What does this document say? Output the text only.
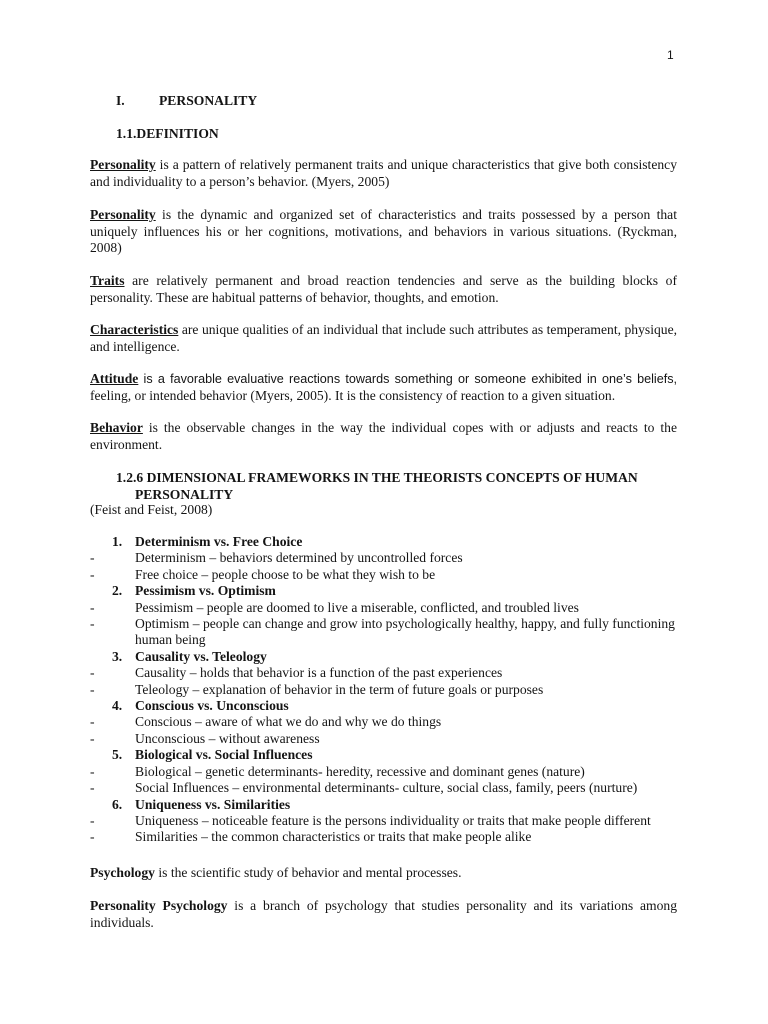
1
I.	PERSONALITY
1.1.DEFINITION
Personality is a pattern of relatively permanent traits and unique characteristics that give both consistency and individuality to a person’s behavior. (Myers, 2005)
Personality is the dynamic and organized set of characteristics and traits possessed by a person that uniquely influences his or her cognitions, motivations, and behaviors in various situations. (Ryckman, 2008)
Traits are relatively permanent and broad reaction tendencies and serve as the building blocks of personality. These are habitual patterns of behavior, thoughts, and emotion.
Characteristics are unique qualities of an individual that include such attributes as temperament, physique, and intelligence.
Attitude is a favorable evaluative reactions towards something or someone exhibited in one’s beliefs, feeling, or intended behavior (Myers, 2005). It is the consistency of reaction to a given situation.
Behavior is the observable changes in the way the individual copes with or adjusts and reacts to the environment.
1.2.6 DIMENSIONAL FRAMEWORKS IN THE THEORISTS CONCEPTS OF HUMAN
PERSONALITY
(Feist and Feist, 2008)
1. Determinism vs. Free Choice
-	Determinism – behaviors determined by uncontrolled forces
-	Free choice – people choose to be what they wish to be
2. Pessimism vs. Optimism
-	Pessimism – people are doomed to live a miserable, conflicted, and troubled lives
-	Optimism – people can change and grow into psychologically healthy, happy, and fully functioning human being
3. Causality vs. Teleology
-	Causality – holds that behavior is a function of the past experiences
-	Teleology – explanation of behavior in the term of future goals or purposes
4. Conscious vs. Unconscious
-	Conscious – aware of what we do and why we do things
-	Unconscious – without awareness
5. Biological vs. Social Influences
-	Biological – genetic determinants- heredity, recessive and dominant genes (nature)
-	Social Influences – environmental determinants- culture, social class, family, peers (nurture)
6. Uniqueness vs. Similarities
-	Uniqueness – noticeable feature is the persons individuality or traits that make people different
-	Similarities – the common characteristics or traits that make people alike
Psychology is the scientific study of behavior and mental processes.
Personality Psychology is a branch of psychology that studies personality and its variations among individuals.
